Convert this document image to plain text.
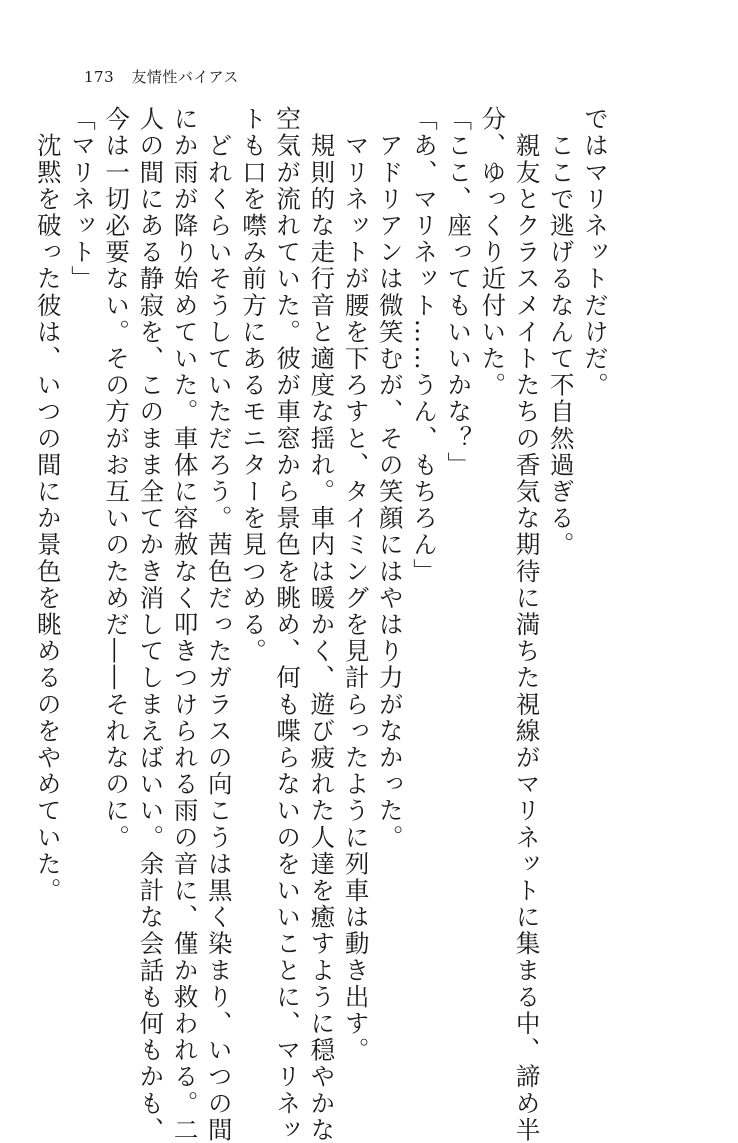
173 友情性バイアス
ではマリネットだけだ。
　ここで逃げるなんて不自然過ぎる。
　親友とクラスメイトたちの香気な期待に満ちた視線がマリネットに集まる中、諦め半
分、ゆっくり近付いた。
「ここ、座ってもいいかな？」
「あ、マリネット……うん、もちろん」
　アドリアンは微笑むが、その笑顔にはやはり力がなかった。
　マリネットが腰を下ろすと、タイミングを見計らったように列車は動き出す。
　規則的な走行音と適度な揺れ。車内は暖かく、遊び疲れた人達を癒すように穏やかな
空気が流れていた。彼が車窓から景色を眺め、何も喋らないのをいいことに、マリネッ
トも口を噤み前方にあるモニターを見つめる。
　どれくらいそうしていただろう。茜色だったガラスの向こうは黒く染まり、いつの間
にか雨が降り始めていた。車体に容赦なく叩きつけられる雨の音に、僅か救われる。二
人の間にある静寂を、このまま全てかき消してしまえばいい。余計な会話も何もかも、
今は一切必要ない。その方がお互いのためだ――それなのに。
「マリネット」
　沈黙を破った彼は、いつの間にか景色を眺めるのをやめていた。
